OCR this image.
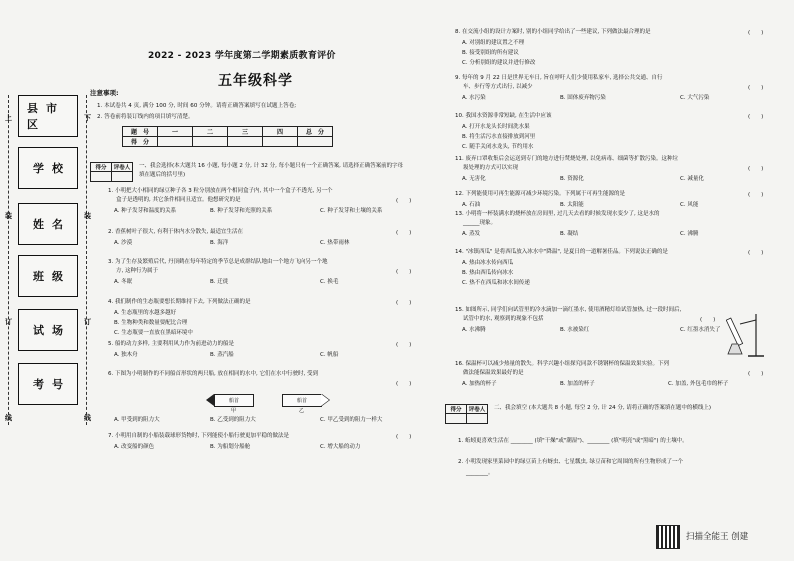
上	下
装	装
订	订
线	线
县市区
学校
姓名
班级
试场
考号
2022 - 2023 学年度第二学期素质教育评价
五年级科学
注意事项:
1. 本试卷共 4 页, 满分 100 分, 时间 60 分钟。请将正确答案填写在试题上答卷;
2. 答卷前将装订线内的项目填写清楚。
题　号	一	二	三	四	总　分
得　分					
得分	评卷人
	一、我会选择(本大题共 16 小题, 每小题 2 分, 计 32 分, 每小题只有一个正确答案, 请选择正确答案前的字母填在题后的括号里)
1. 小明把大小相同的绿豆种子各 3 粒分别放在两个相同盒子内, 其中一个盒子不透光, 另一个
盒子是透明的, 其它条件相同且适宜。他想研究的是	(　　)
A. 种子发芽和温度的关系	B. 种子发芽和光照的关系	C. 种子发芽和土壤的关系
2. 香蕉树叶子很大, 有利于体内水分散失, 最适宜生活在	(　　)
A. 沙漠	B. 海洋	C. 热带雨林
3. 为了生存及繁殖后代, 丹顶鹤在每年特定的季节总是成群结队地由一个地方飞向另一个地
方, 这种行为属于	(　　)
A. 冬眠	B. 迁徙	C. 换毛
4. 我们制作的生态瓶要想长期维持下去, 下列做法正确的是	(　　)
A. 生态瓶里的水越多越好
B. 生物种类和数量要配比合理
C. 生态瓶要一直放在黑暗环境中
5. 船的动力多样, 主要利用风力作为前进动力的船是	(　　)
A. 独木舟	B. 蒸汽船	C. 帆船
6. 下图为小明制作的不同船首形状的两只船, 放在相同的水中, 它们在水中行驶时, 受到
(　　)
船首	船首
甲	乙
A. 甲受到的阻力大	B. 乙受到的阻力大	C. 甲乙受到的阻力一样大
7. 小明用自制的小船装载球形货物时, 下列能使小船行驶更加平稳的做法是	(　　)
A. 改变船的颜色	B. 为船划分船舱	C. 增大船的动力
8. 在交流小组的设计方案时, 别的小组同学给出了一些建议, 下列做法最合理的是	(　　)
A. 对别组的建议置之不理
B. 接受别组的所有建议
C. 分析别组的建议并进行修改
9. 每年的 9 月 22 日是世界无车日, 旨在呼吁人们少使用私家车, 选择公共交通、自行
车、步行等方式出行, 以减少	(　　)
A. 水污染	B. 固体废弃物污染	C. 大气污染
10. 我国水资源非常短缺, 在生活中应该	(　　)
A. 打开水龙头长时间洗水果
B. 将生活污水直接排放到河里
C. 随手关闭水龙头, 节约用水
11. 废弃口罩收集后会运送到专门的地方进行焚烧处理, 以免病毒、细菌等扩散污染。这种垃
圾处理的方式可以实现	(　　)
A. 无害化	B. 资源化	C. 减量化
12. 下列能使用可再生能源可减少环境污染。下列属于可再生能源的是	(　　)
A. 石油	B. 太阳能	C. 风能
13. 小明将一杯装满水的烧杯放在房间里, 过几天去看的时候发现水变少了, 这是水的
______现象。
A. 蒸发	B. 凝结	C. 沸腾
14. "冰镇西瓜" 是将西瓜放入冰水中"降温", 是夏日的一道解暑佳品。下列说法正确的是	(　　)
A. 热由冰水传向西瓜
B. 热由西瓜传向冰水
C. 热不在西瓜和冰水间传递
15. 如图所示, 同学们向试管里的冷水滴加一滴红墨水, 使用酒精灯给试管加热, 过一段时间后,
试管中的水, 观察到的现象不包括	(　　)
A. 水沸腾	B. 水被染红	C. 红墨水消失了
16. 保温杯可以减少热量的散失。科学兴趣小组探究同款不锈钢杯的保温效果实验。下列
做法能保温效果最好的是	(　　)
A. 加热的杯子	B. 加盖的杯子	C. 加盖, 外包毛巾的杯子
得分	评卷人
	二、我会填空 (本大题共 8 小题, 每空 2 分, 计 24 分, 请将正确的答案填在题中的横线上)
1. 蚯蚓更喜欢生活在 ________ (填"干燥"或"潮湿")、________ (填"明亮"或"黑暗") 的土壤中。
2. 小明发现家里菜园中的绿豆苗上有蚜虫、七星瓢虫, 绿豆苗和它周围的所有生物形成了一个
________。
扫描全能王 创建
